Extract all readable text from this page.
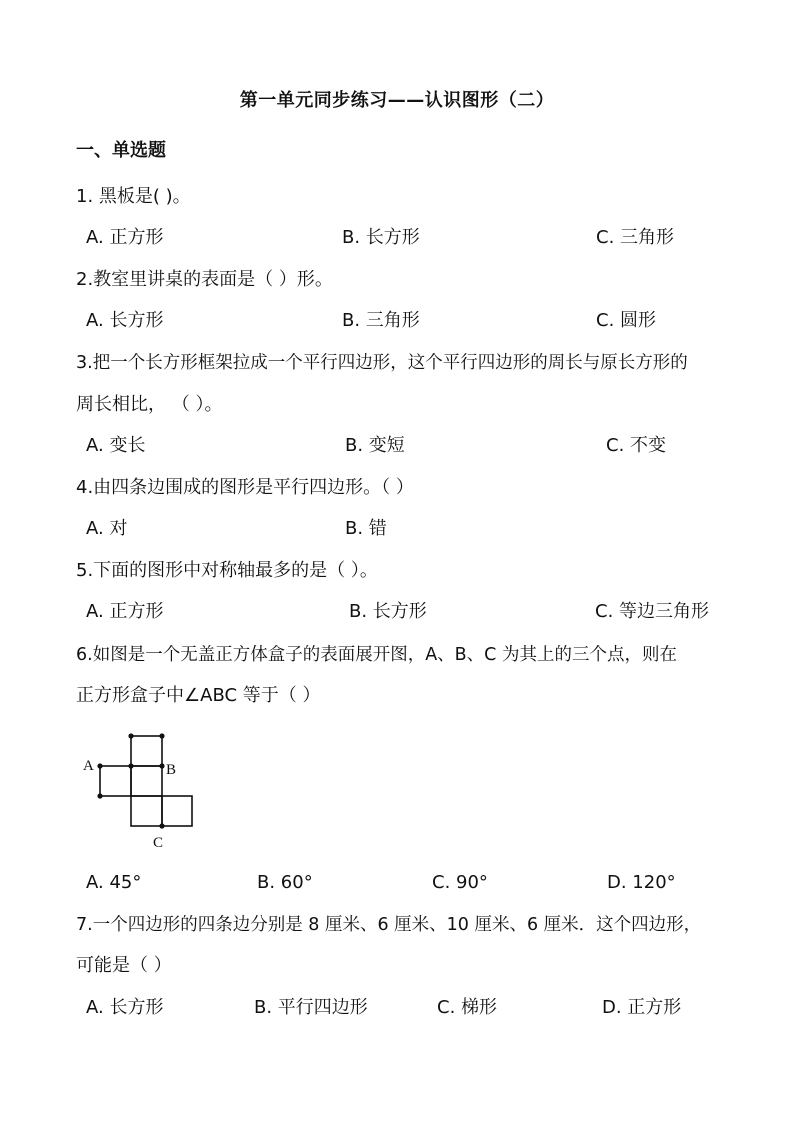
第一单元同步练习——认识图形（二）
一、单选题
1. 黑板是( )。
A. 正方形	B. 长方形	C. 三角形
2.教室里讲桌的表面是（ ）形。
A. 长方形	B. 三角形	C. 圆形
3.把一个长方形框架拉成一个平行四边形，这个平行四边形的周长与原长方形的
周长相比， （ ）。
A. 变长	B. 变短	C. 不变
4.由四条边围成的图形是平行四边形。（ ）
A. 对	B. 错
5.下面的图形中对称轴最多的是（ ）。
A. 正方形	B. 长方形	C. 等边三角形
6.如图是一个无盖正方体盒子的表面展开图，A、B、C 为其上的三个点，则在
正方形盒子中∠ABC 等于（ ）
A	B
C
A. 45°	B. 60°	C. 90°	D. 120°
7.一个四边形的四条边分别是 8 厘米、6 厘米、10 厘米、6 厘米．这个四边形，
可能是（ ）
A. 长方形	B. 平行四边形	C. 梯形	D. 正方形
